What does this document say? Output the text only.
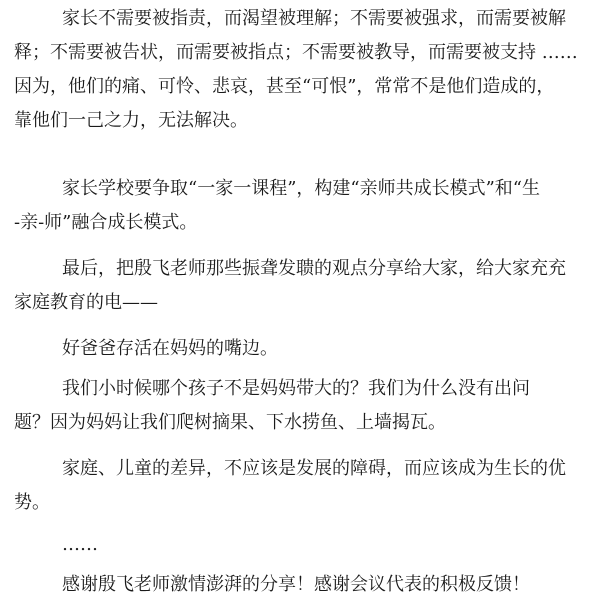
家长不需要被指责，而渴望被理解；不需要被强求，而需要被解
释；不需要被告状，而需要被指点；不需要被教导，而需要被支持 ……
因为，他们的痛、可怜、悲哀，甚至“可恨”，常常不是他们造成的，
靠他们一己之力，无法解决。

家长学校要争取“一家一课程”，构建“亲师共成长模式”和“生
-亲-师”融合成长模式。

最后，把殷飞老师那些振聋发聩的观点分享给大家，给大家充充
家庭教育的电——

好爸爸存活在妈妈的嘴边。

我们小时候哪个孩子不是妈妈带大的？我们为什么没有出问
题？因为妈妈让我们爬树摘果、下水捞鱼、上墙揭瓦。

家庭、儿童的差异，不应该是发展的障碍，而应该成为生长的优
势。

……

感谢殷飞老师激情澎湃的分享！感谢会议代表的积极反馈！
